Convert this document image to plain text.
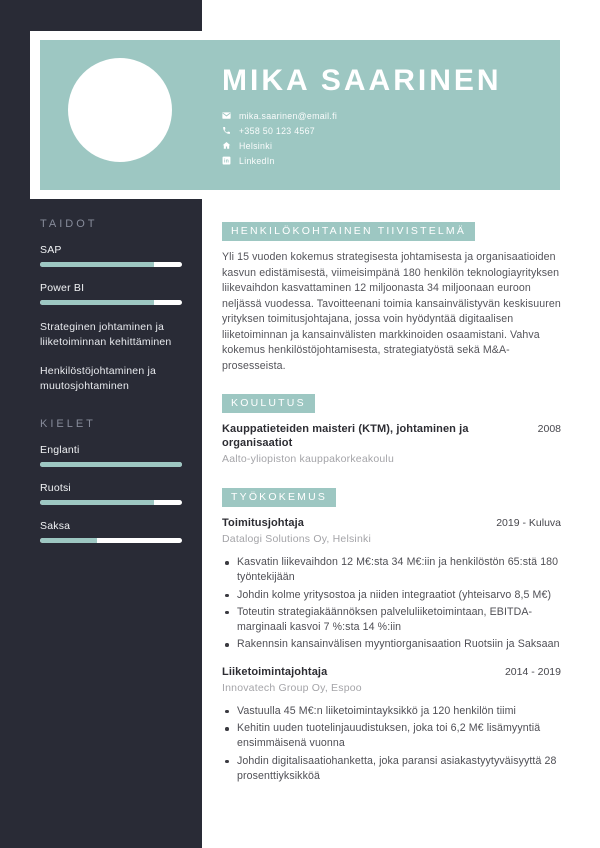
TAIDOT
SAP
Power BI
Strateginen johtaminen ja liiketoiminnan kehittäminen
Henkilöstöjohtaminen ja muutosjohtaminen
KIELET
Englanti
Ruotsi
Saksa
MIKA SAARINEN
mika.saarinen@email.fi
+358 50 123 4567
Helsinki
in LinkedIn
HENKILÖKOHTAINEN TIIVISTELMÄ

Yli 15 vuoden kokemus strategisesta johtamisesta ja organisaatioiden kasvun edistämisestä, viimeisimpänä 180 henkilön teknologiayrityksen liikevaihdon kasvattaminen 12 miljoonasta 34 miljoonaan euroon neljässä vuodessa. Tavoitteenani toimia kansainvälistyvän keskisuuren yrityksen toimitusjohtajana, jossa voin hyödyntää digitaalisen liiketoiminnan ja kansainvälisten markkinoiden osaamistani. Vahva kokemus henkilöstöjohtamisesta, strategiatyöstä sekä M&A-prosesseista.

KOULUTUS
Kauppatieteiden maisteri (KTM), johtaminen ja organisaatiot
2008
Aalto-yliopiston kauppakorkeakoulu
TYÖKOKEMUS
Toimitusjohtaja	2019 - Kuluva
Datalogi Solutions Oy, Helsinki
Kasvatin liikevaihdon 12 M€:sta 34 M€:iin ja henkilöstön 65:stä 180 työntekijään
Johdin kolme yritysostoa ja niiden integraatiot (yhteisarvo 8,5 M€)
Toteutin strategiakäännöksen palveluliiketoimintaan, EBITDA-marginaali kasvoi 7 %:sta 14 %:iin
Rakennsin kansainvälisen myyntiorganisaation Ruotsiin ja Saksaan
Liiketoimintajohtaja	2014 - 2019
Innovatech Group Oy, Espoo
Vastuulla 45 M€:n liiketoimintayksikkö ja 120 henkilön tiimi
Kehitin uuden tuotelinjauudistuksen, joka toi 6,2 M€ lisämyyntiä ensimmäisenä vuonna
Johdin digitalisaatiohanketta, joka paransi asiakastyytyväisyyttä 28 prosenttiyksikköä
